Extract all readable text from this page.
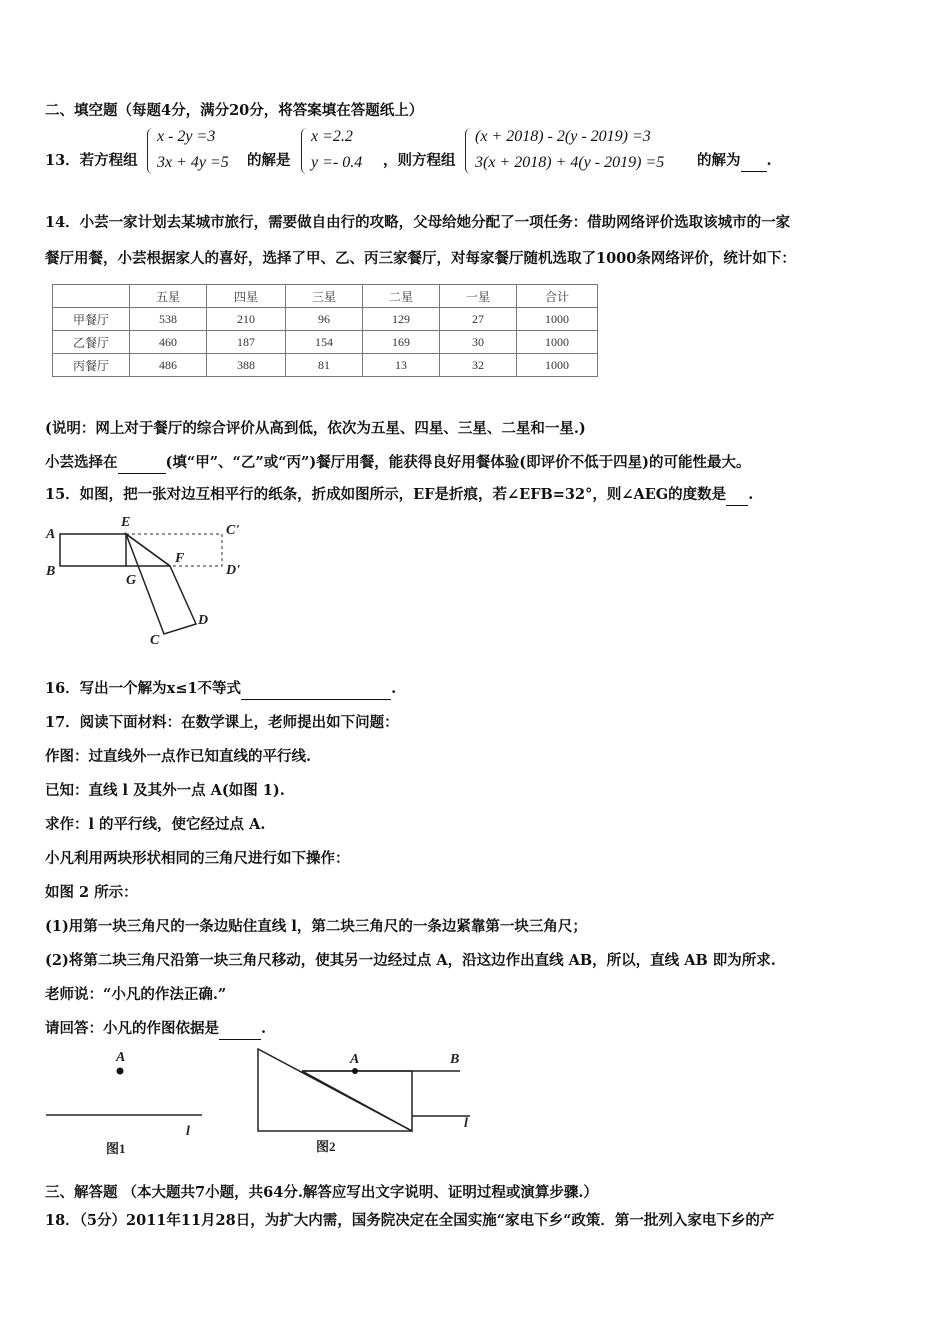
二、填空题（每题4分，满分20分，将答案填在答题纸上）
13．若方程组
x - 2y =3
3x + 4y =5 的解是
x =2.2
y =- 0.4 ，则方程组
(x + 2018) - 2(y - 2019) =3
3(x + 2018) + 4(y - 2019) =5 的解为 .
14．小芸一家计划去某城市旅行，需要做自由行的攻略，父母给她分配了一项任务：借助网络评价选取该城市的一家
餐厅用餐，小芸根据家人的喜好，选择了甲、乙、丙三家餐厅，对每家餐厅随机选取了1000条网络评价，统计如下：
	五星	四星	三星	二星	一星	合计
甲餐厅	538	210	96	129	27	1000
乙餐厅	460	187	154	169	30	1000
丙餐厅	486	388	81	13	32	1000
(说明：网上对于餐厅的综合评价从高到低，依次为五星、四星、三星、二星和一星.)
小芸选择在	(填“甲”、“乙”或“丙”)餐厅用餐，能获得良好用餐体验(即评价不低于四星)的可能性最大。
15．如图，把一张对边互相平行的纸条，折成如图所示，EF是折痕，若∠EFB=32°，则∠AEG的度数是 .
A
E
C'
B
F
D'
G
D
C
16．写出一个解为x≤1不等式	.
17．阅读下面材料：在数学课上，老师提出如下问题：
作图：过直线外一点作已知直线的平行线.
已知：直线 l 及其外一点 A(如图 1).
求作：l 的平行线，使它经过点 A.
小凡利用两块形状相同的三角尺进行如下操作：
如图 2 所示：
(1)用第一块三角尺的一条边贴住直线 l，第二块三角尺的一条边紧靠第一块三角尺；
(2)将第二块三角尺沿第一块三角尺移动，使其另一边经过点 A，沿这边作出直线 AB，所以，直线 AB 即为所求.
老师说：“小凡的作法正确.”
请回答：小凡的作图依据是	.
A
l
图1
A	B
l
图2
三、解答题 （本大题共7小题，共64分.解答应写出文字说明、证明过程或演算步骤.）
18．（5分）2011年11月28日，为扩大内需，国务院决定在全国实施“家电下乡“政策．第一批列入家电下乡的产
